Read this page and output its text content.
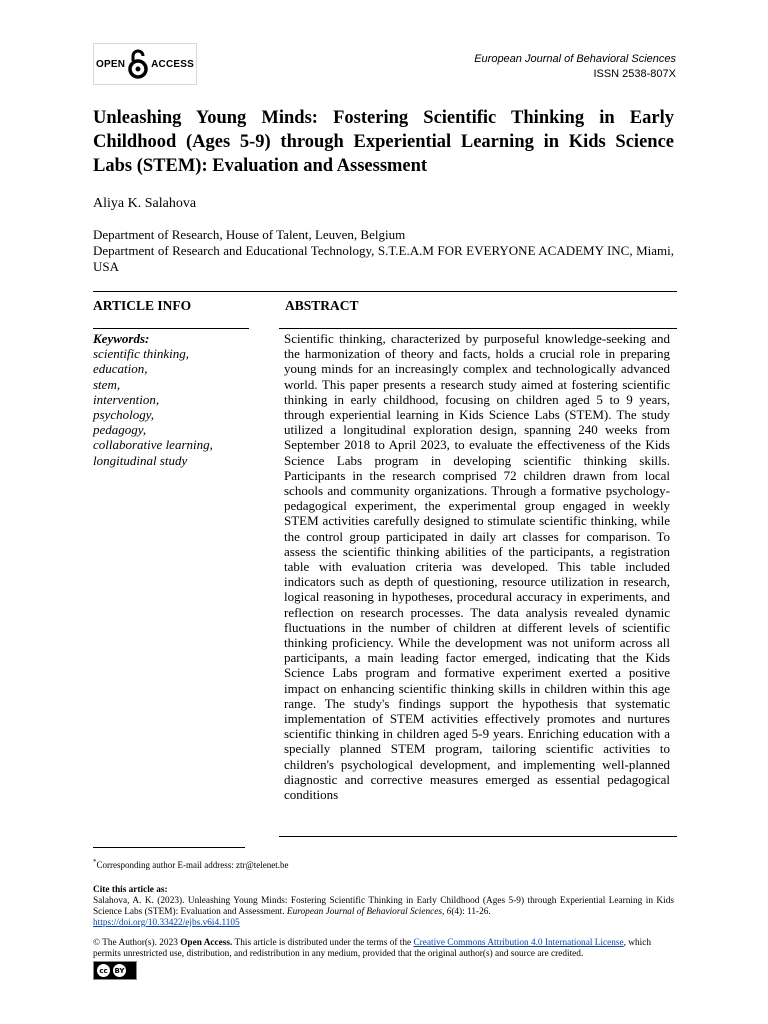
OPEN	ACCESS	European Journal of Behavioral Sciences
ISSN 2538-807X
Unleashing Young Minds: Fostering Scientific Thinking in Early Childhood (Ages 5-9) through Experiential Learning in Kids Science Labs (STEM): Evaluation and Assessment
Aliya K. Salahova

Department of Research, House of Talent, Leuven, Belgium

Department of Research and Educational Technology, S.T.E.A.M FOR EVERYONE ACADEMY INC, Miami, USA

ARTICLE INFO	ABSTRACT
Keywords:
scientific thinking,
education,
stem,
intervention,
psychology,
pedagogy,
collaborative learning,
longitudinal study

Scientific thinking, characterized by purposeful knowledge-seeking and the harmonization of theory and facts, holds a crucial role in preparing young minds for an increasingly complex and technologically advanced world. This paper presents a research study aimed at fostering scientific thinking in early childhood, focusing on children aged 5 to 9 years, through experiential learning in Kids Science Labs (STEM). The study utilized a longitudinal exploration design, spanning 240 weeks from September 2018 to April 2023, to evaluate the effectiveness of the Kids Science Labs program in developing scientific thinking skills. Participants in the research comprised 72 children drawn from local schools and community organizations. Through a formative psychology-pedagogical experiment, the experimental group engaged in weekly STEM activities carefully designed to stimulate scientific thinking, while the control group participated in daily art classes for comparison. To assess the scientific thinking abilities of the participants, a registration table with evaluation criteria was developed. This table included indicators such as depth of questioning, resource utilization in research, logical reasoning in hypotheses, procedural accuracy in experiments, and reflection on research processes. The data analysis revealed dynamic fluctuations in the number of children at different levels of scientific thinking proficiency. While the development was not uniform across all participants, a main leading factor emerged, indicating that the Kids Science Labs program and formative experiment exerted a positive impact on enhancing scientific thinking skills in children within this age range. The study's findings support the hypothesis that systematic implementation of STEM activities effectively promotes and nurtures scientific thinking in children aged 5-9 years. Enriching education with a specially planned STEM program, tailoring scientific activities to children's psychological development, and implementing well-planned diagnostic and corrective measures emerged as essential pedagogical conditions

*Corresponding author E-mail address: ztr@telenet.be
Cite this article as:
Salahova, A. K. (2023). Unleashing Young Minds: Fostering Scientific Thinking in Early Childhood (Ages 5-9) through Experiential Learning in Kids Science Labs (STEM): Evaluation and Assessment. European Journal of Behavioral Sciences, 6(4): 11-26.
https://doi.org/10.33422/ejbs.v6i4.1105
© The Author(s). 2023 Open Access. This article is distributed under the terms of the Creative Commons Attribution 4.0 International License, which permits unrestricted use, distribution, and redistribution in any medium, provided that the original author(s) and source are credited.
cc BY
